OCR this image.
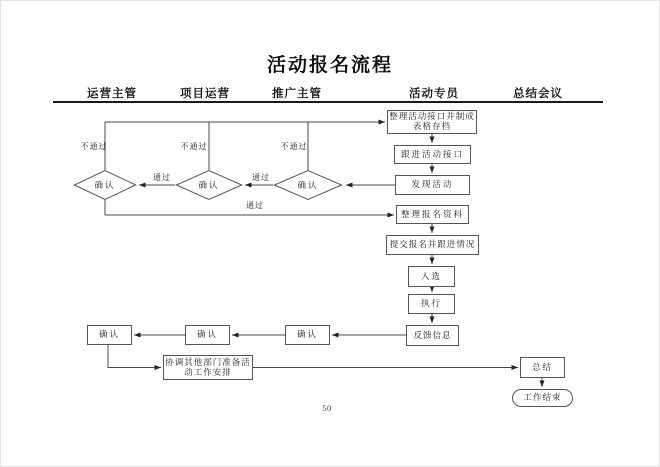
活动报名流程
运营主管	项目运营	推广主管	活动专员	总结会议
整理活动接口并制成表格存档
跟进活动接口
发现活动
整理报名资料
提交报名并跟进情况
入选
执行
反馈信息
确认	确认	确认
确认	确认	确认
协调其他部门准备活动工作安排	总结
工作结束
不通过	不通过	不通过
通过	通过
通过
50
